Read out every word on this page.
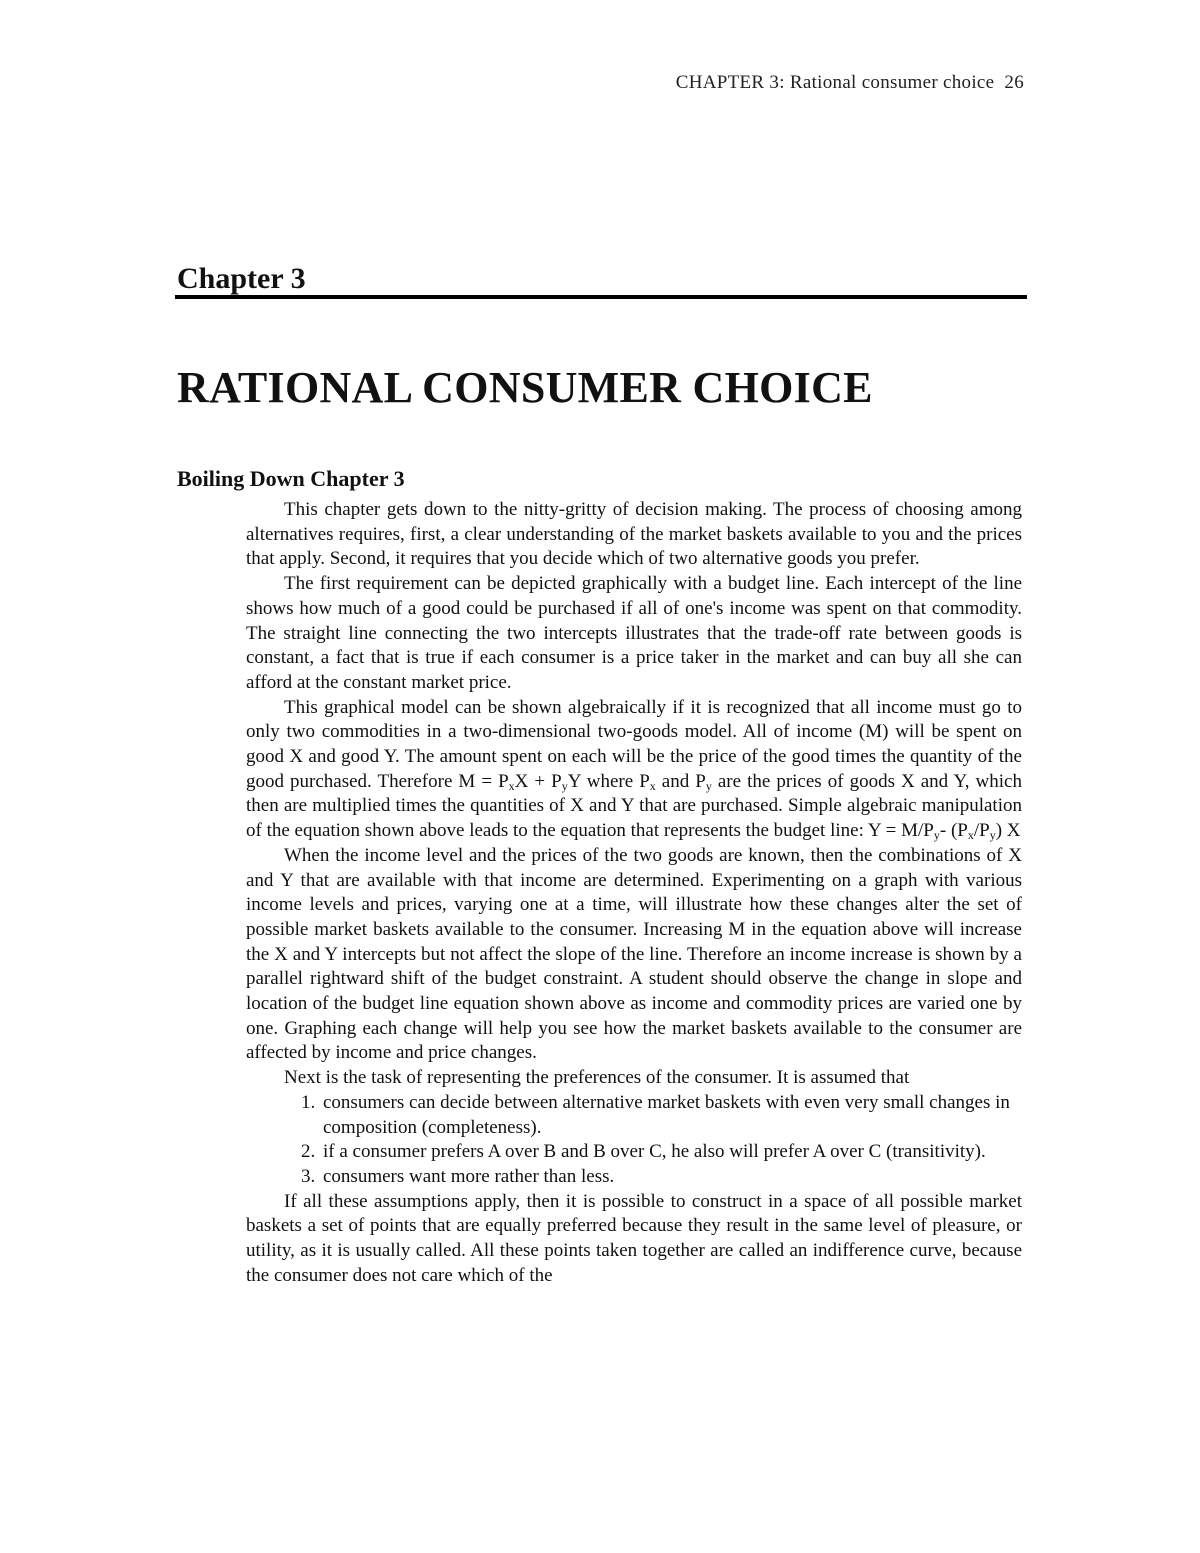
CHAPTER 3: Rational consumer choice 26
Chapter 3
RATIONAL CONSUMER CHOICE
Boiling Down Chapter 3

This chapter gets down to the nitty-gritty of decision making. The process of choosing among alternatives requires, first, a clear understanding of the market baskets available to you and the prices that apply. Second, it requires that you decide which of two alternative goods you prefer.

The first requirement can be depicted graphically with a budget line. Each intercept of the line shows how much of a good could be purchased if all of one's income was spent on that commodity. The straight line connecting the two intercepts illustrates that the trade-off rate between goods is constant, a fact that is true if each consumer is a price taker in the market and can buy all she can afford at the constant market price.

This graphical model can be shown algebraically if it is recognized that all income must go to only two commodities in a two-dimensional two-goods model. All of income (M) will be spent on good X and good Y. The amount spent on each will be the price of the good times the quantity of the good purchased. Therefore $M = P_xX + P_yY$ where $P_x$ and $P_y$ are the prices of goods X and Y, which then are multiplied times the quantities of X and Y that are purchased. Simple algebraic manipulation of the equation shown above leads to the equation that represents the budget line: $Y = M/P_y-$ $(P_x/P_y)$ X

When the income level and the prices of the two goods are known, then the combinations of X and Y that are available with that income are determined. Experimenting on a graph with various income levels and prices, varying one at a time, will illustrate how these changes alter the set of possible market baskets available to the consumer. Increasing M in the equation above will increase the X and Y intercepts but not affect the slope of the line. Therefore an income increase is shown by a parallel rightward shift of the budget constraint. A student should observe the change in slope and location of the budget line equation shown above as income and commodity prices are varied one by one. Graphing each change will help you see how the market baskets available to the consumer are affected by income and price changes.

Next is the task of representing the preferences of the consumer. It is assumed that

1. consumers can decide between alternative market baskets with even very small changes in composition (completeness).
2. if a consumer prefers A over B and B over C, he also will prefer A over C (transitivity).
3. consumers want more rather than less.

If all these assumptions apply, then it is possible to construct in a space of all possible market baskets a set of points that are equally preferred because they result in the same level of pleasure, or utility, as it is usually called. All these points taken together are called an indifference curve, because the consumer does not care which of the
